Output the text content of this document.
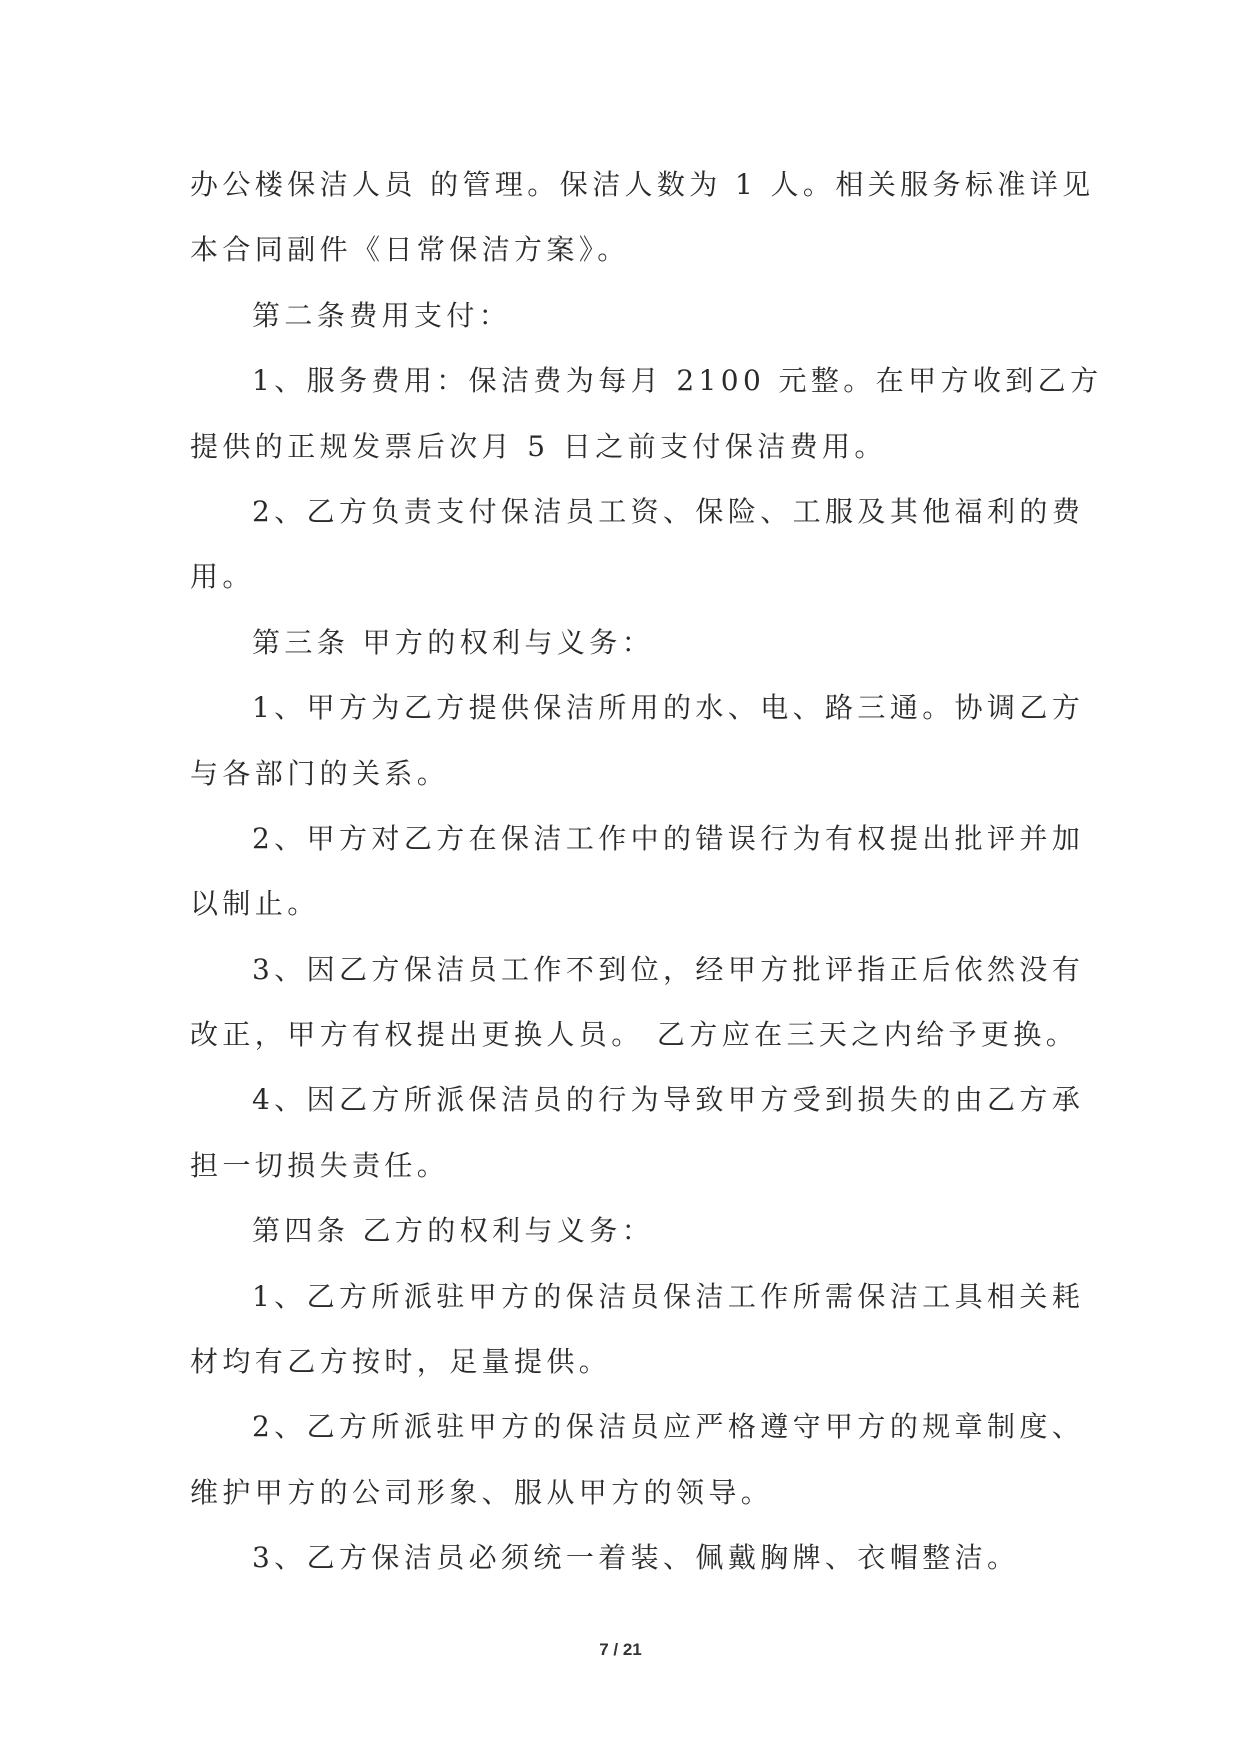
办公楼保洁人员 的管理。保洁人数为 1 人。相关服务标准详见
本合同副件《日常保洁方案》。
第二条费用支付：
1、服务费用：保洁费为每月 2100 元整。在甲方收到乙方
提供的正规发票后次月 5 日之前支付保洁费用。
2、乙方负责支付保洁员工资、保险、工服及其他福利的费
用。
第三条 甲方的权利与义务：
1、甲方为乙方提供保洁所用的水、电、路三通。协调乙方
与各部门的关系。
2、甲方对乙方在保洁工作中的错误行为有权提出批评并加
以制止。
3、因乙方保洁员工作不到位，经甲方批评指正后依然没有
改正，甲方有权提出更换人员。 乙方应在三天之内给予更换。
4、因乙方所派保洁员的行为导致甲方受到损失的由乙方承
担一切损失责任。
第四条 乙方的权利与义务：
1、乙方所派驻甲方的保洁员保洁工作所需保洁工具相关耗
材均有乙方按时，足量提供。
2、乙方所派驻甲方的保洁员应严格遵守甲方的规章制度、
维护甲方的公司形象、服从甲方的领导。
3、乙方保洁员必须统一着装、佩戴胸牌、衣帽整洁。
7 / 21
